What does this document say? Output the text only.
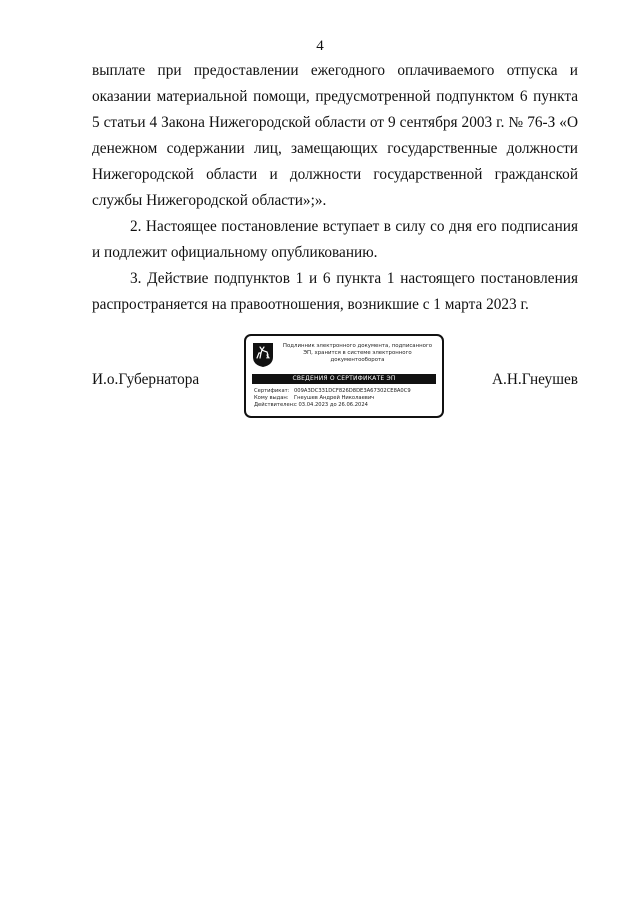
4

выплате при предоставлении ежегодного оплачиваемого отпуска и оказании материальной помощи, предусмотренной подпунктом 6 пункта 5 статьи 4 Закона Нижегородской области от 9 сентября 2003 г. № 76-З «О денежном содержании лиц, замещающих государственные должности Нижегородской области и должности государственной гражданской службы Нижегородской области»;».

2. Настоящее постановление вступает в силу со дня его подписания и подлежит официальному опубликованию.

3. Действие подпунктов 1 и 6 пункта 1 настоящего постановления распространяется на правоотношения, возникшие с 1 марта 2023 г.

И.о.Губернатора	А.Н.Гнеушев
Подлинник электронного документа, подписанного ЭП, хранится в системе электронного документооборота
СВЕДЕНИЯ О СЕРТИФИКАТЕ ЭП
Сертификат: 009A3DC331DCF826D8DE3A67302CE8A0C9
Кому выдан: Гнеушев Андрей Николаевич
Действителен:с 03.04.2023 до 26.06.2024
